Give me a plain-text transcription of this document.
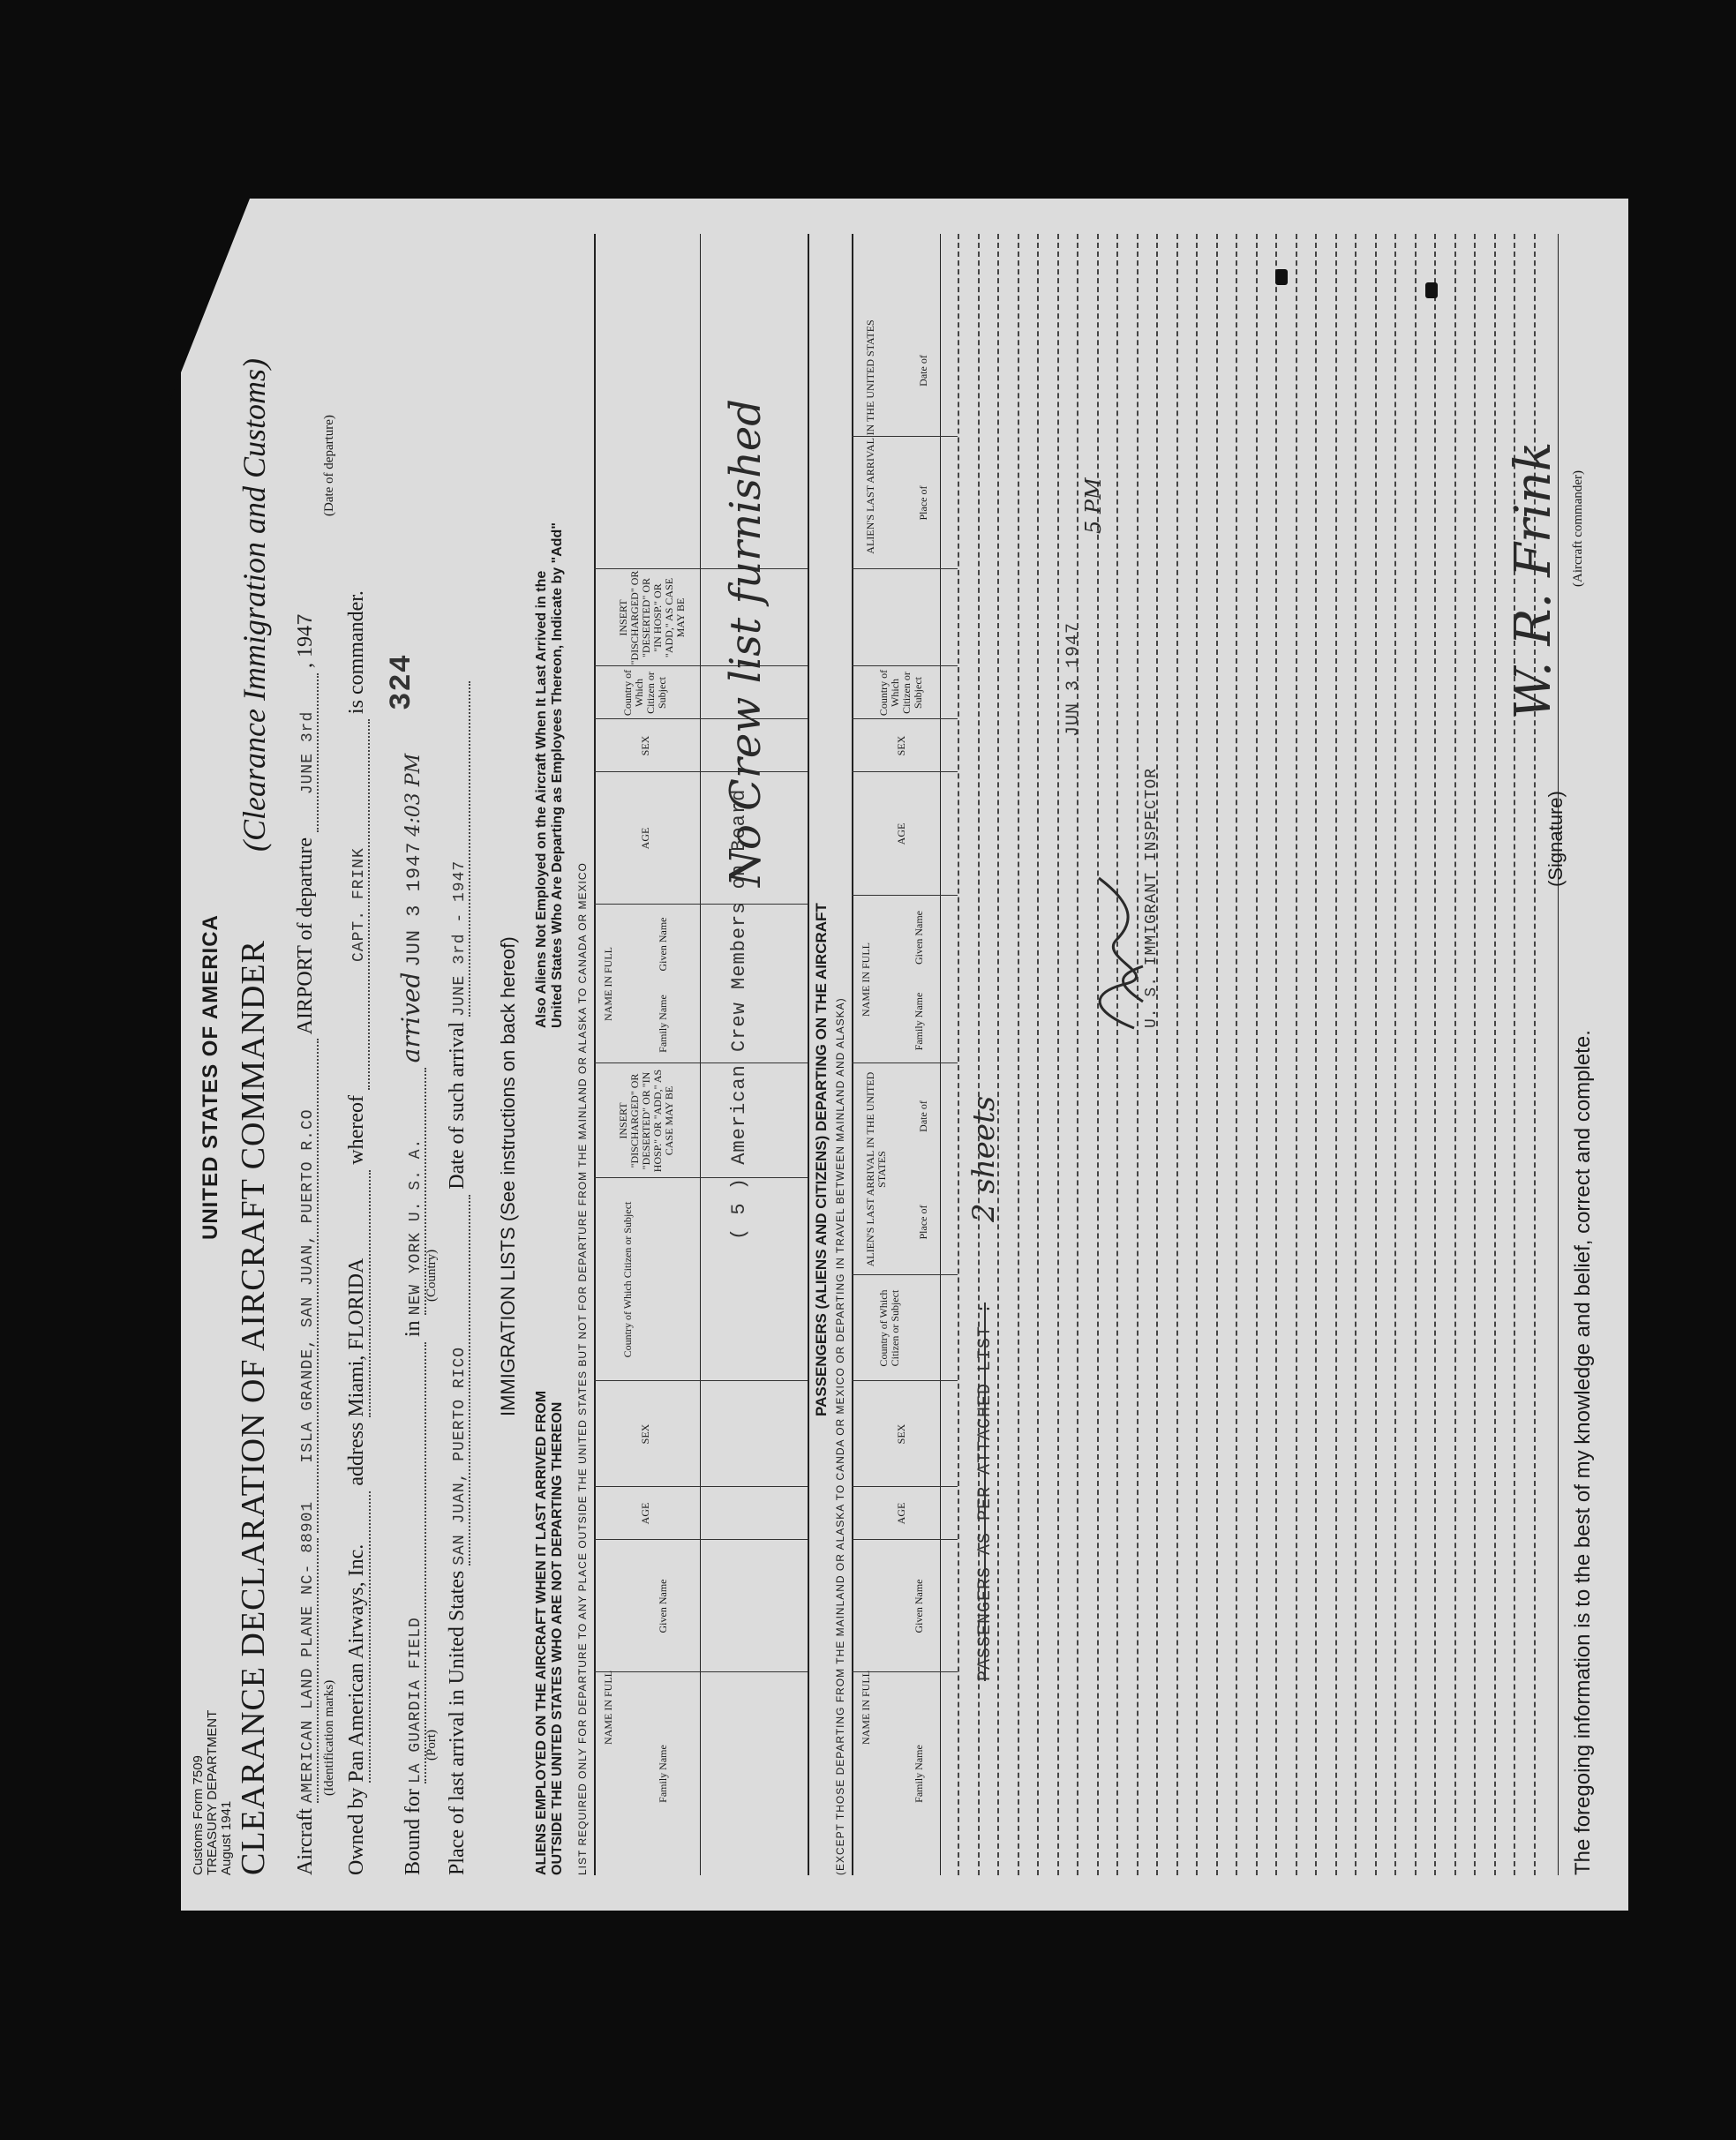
Customs Form 7509 TREASURY DEPARTMENT August 1941
UNITED STATES OF AMERICA CLEARANCE DECLARATION OF AIRCRAFT COMMANDER
(Clearance Immigration and Customs)
Aircraft AMERICAN LAND PLANE NC- 88901 ISLA GRANDE, SAN JUAN, PUERTO R.CO AIRPORT of departure JUNE 3rd , 1947
(Identification marks)
(Date of departure)
Owned by Pan American Airways, Inc. address Miami, FLORIDA whereof CAPT. FRINK is commander.
Bound for LA GUARDIA FIELD in NEW YORK U. S. A. arrived JUN 3 1947 4:03 PM
(Port)
(Country)
324
Place of last arrival in United States SAN JUAN, PUERTO RICO Date of such arrival JUNE 3rd - 1947 IMMIGRATION LISTS (See instructions on back hereof)
ALIENS EMPLOYED ON THE AIRCRAFT WHEN IT LAST ARRIVED FROM OUTSIDE THE UNITED STATES WHO ARE NOT DEPARTING THEREON
Also Aliens Not Employed on the Aircraft When It Last Arrived in the United States Who Are Departing as Employees Thereon, Indicate by "Add"
LIST REQUIRED ONLY FOR DEPARTURE TO ANY PLACE OUTSIDE THE UNITED STATES BUT NOT FOR DEPARTURE FROM THE MAINLAND OR ALASKA TO CANADA OR MEXICO NAME IN FULL
Family Name
Given Name
AGE
SEX
Country of Which Citizen or Subject
INSERT "DISCHARGED" OR "DESERTED" OR "IN HOSP." OR "ADD," AS CASE MAY BE
NAME IN FULL
Family Name
Given Name
AGE
SEX
Country of Which Citizen or Subject
INSERT "DISCHARGED" OR "DESERTED" OR "IN HOSP." OR "ADD," AS CASE MAY BE
( 5 ) American Crew Members on Board
No Crew list furnished
PASSENGERS (ALIENS AND CITIZENS) DEPARTING ON THE AIRCRAFT (EXCEPT THOSE DEPARTING FROM THE MAINLAND OR ALASKA TO CANDA OR MEXICO OR DEPARTING IN TRAVEL BETWEEN MAINLAND AND ALASKA) NAME IN FULL
Family Name
Given Name
AGE
SEX
Country of Which Citizen or Subject
ALIEN'S LAST ARRIVAL IN THE UNITED STATES
Place of
Date of
NAME IN FULL
Family Name
Given Name
AGE
SEX
Country of Which Citizen or Subject
ALIEN'S LAST ARRIVAL IN THE UNITED STATES	Place of
Date of
PASSENGERS AS PER ATTACHED LIST :
2 sheets
JUN 3 1947
5 PM
U. S. IMMIGRANT INSPECTOR
The foregoing information is to the best of my knowledge and belief, correct and complete.
(Signature)
W. R. Frink (Aircraft commander)
